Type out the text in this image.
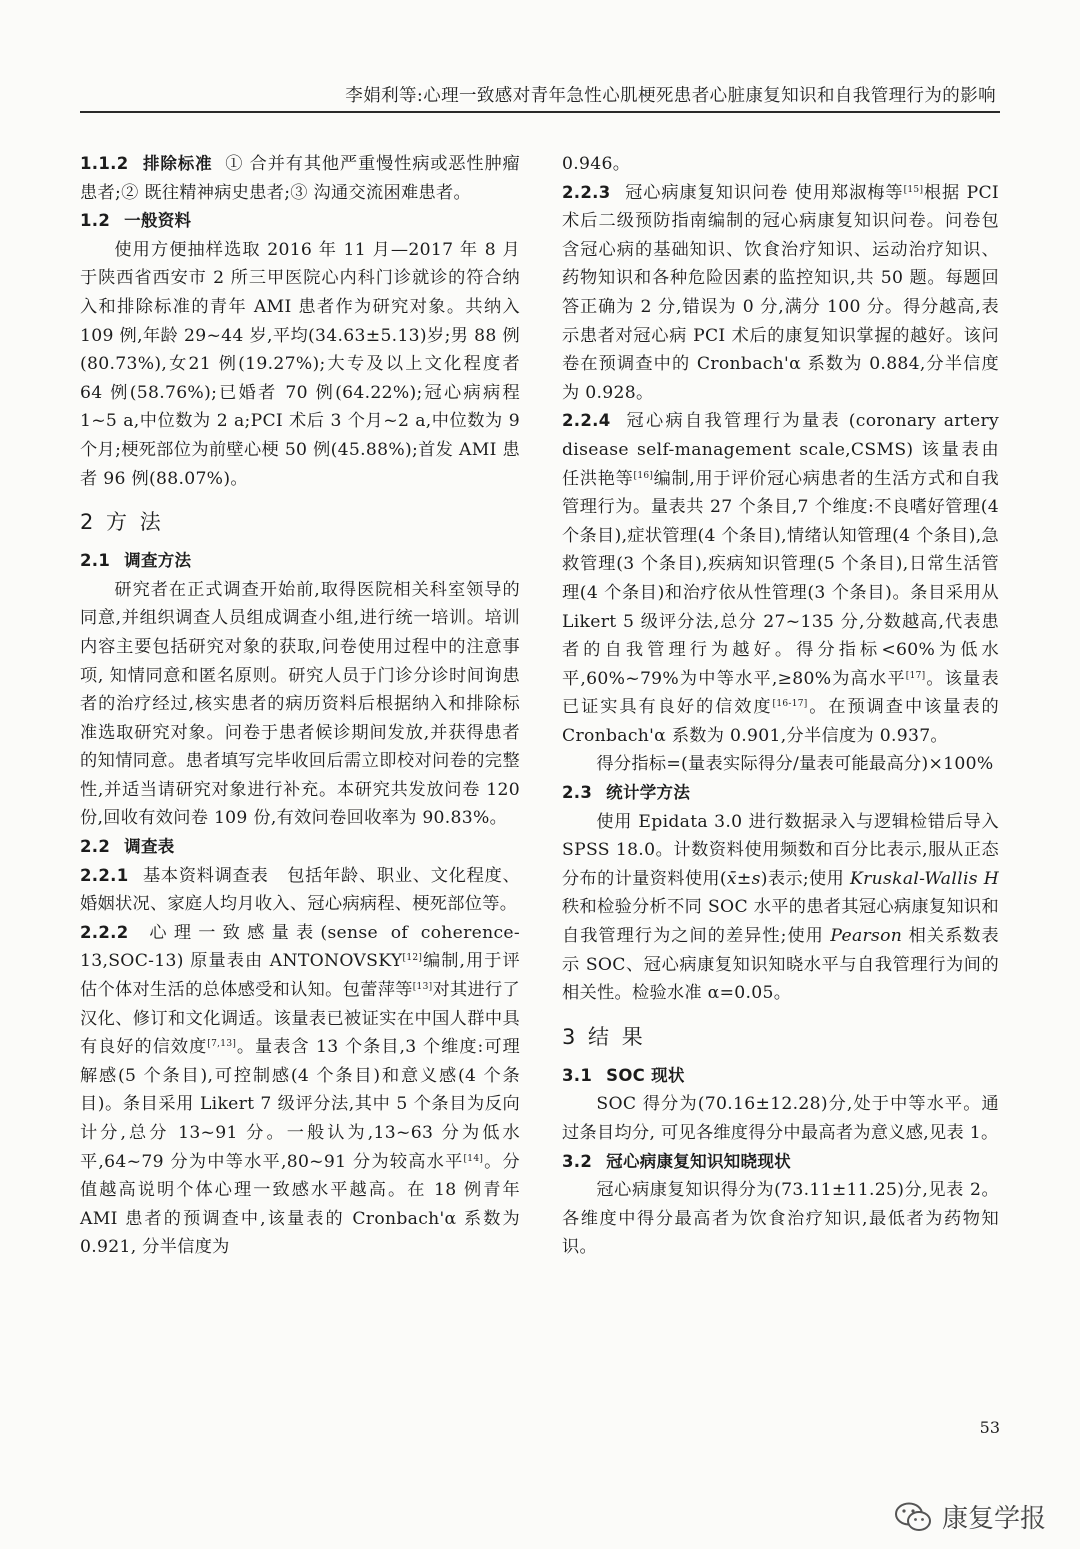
李娟利等:心理一致感对青年急性心肌梗死患者心脏康复知识和自我管理行为的影响

1.1.2 排除标准 ① 合并有其他严重慢性病或恶性肿瘤患者;② 既往精神病史患者;③ 沟通交流困难患者。

1.2 一般资料

使用方便抽样选取 2016 年 11 月—2017 年 8 月于陕西省西安市 2 所三甲医院心内科门诊就诊的符合纳入和排除标准的青年 AMI 患者作为研究对象。共纳入 109 例,年龄 29~44 岁,平均(34.63±5.13)岁;男 88 例(80.73%),女21 例(19.27%);大专及以上文化程度者 64 例(58.76%);已婚者 70 例(64.22%);冠心病病程 1~5 a,中位数为 2 a;PCI 术后 3 个月~2 a,中位数为 9 个月;梗死部位为前壁心梗 50 例(45.88%);首发 AMI 患者 96 例(88.07%)。

2 方 法

2.1 调查方法

研究者在正式调查开始前,取得医院相关科室领导的同意,并组织调查人员组成调查小组,进行统一培训。培训内容主要包括研究对象的获取,问卷使用过程中的注意事项, 知情同意和匿名原则。研究人员于门诊分诊时间询患者的治疗经过,核实患者的病历资料后根据纳入和排除标准选取研究对象。问卷于患者候诊期间发放,并获得患者的知情同意。患者填写完毕收回后需立即校对问卷的完整性,并适当请研究对象进行补充。本研究共发放问卷 120 份,回收有效问卷 109 份,有效问卷回收率为 90.83%。

2.2 调查表

2.2.1 基本资料调查表 包括年龄、职业、文化程度、婚姻状况、家庭人均月收入、冠心病病程、梗死部位等。

2.2.2 心理一致感量表(sense of coherence-13,SOC-13) 原量表由 ANTONOVSKY[12]编制,用于评估个体对生活的总体感受和认知。包蕾萍等[13]对其进行了汉化、修订和文化调适。该量表已被证实在中国人群中具有良好的信效度[7,13]。量表含 13 个条目,3 个维度:可理解感(5 个条目),可控制感(4 个条目)和意义感(4 个条目)。条目采用 Likert 7 级评分法,其中 5 个条目为反向计分,总分 13~91 分。一般认为,13~63 分为低水平,64~79 分为中等水平,80~91 分为较高水平[14]。分值越高说明个体心理一致感水平越高。在 18 例青年 AMI 患者的预调查中,该量表的 Cronbach'α 系数为 0.921, 分半信度为

0.946。

2.2.3 冠心病康复知识问卷 使用郑淑梅等[15]根据 PCI 术后二级预防指南编制的冠心病康复知识问卷。问卷包含冠心病的基础知识、饮食治疗知识、运动治疗知识、药物知识和各种危险因素的监控知识,共 50 题。每题回答正确为 2 分,错误为 0 分,满分 100 分。得分越高,表示患者对冠心病 PCI 术后的康复知识掌握的越好。该问卷在预调查中的 Cronbach'α 系数为 0.884,分半信度为 0.928。

2.2.4 冠心病自我管理行为量表 (coronary artery disease self-management scale,CSMS) 该量表由任洪艳等[16]编制,用于评价冠心病患者的生活方式和自我管理行为。量表共 27 个条目,7 个维度:不良嗜好管理(4 个条目),症状管理(4 个条目),情绪认知管理(4 个条目),急救管理(3 个条目),疾病知识管理(5 个条目),日常生活管理(4 个条目)和治疗依从性管理(3 个条目)。条目采用从 Likert 5 级评分法,总分 27~135 分,分数越高,代表患者的自我管理行为越好。得分指标<60%为低水平,60%~79%为中等水平,≥80%为高水平[17]。该量表已证实具有良好的信效度[16-17]。在预调查中该量表的 Cronbach'α 系数为 0.901,分半信度为 0.937。

得分指标=(量表实际得分/量表可能最高分)×100%

2.3 统计学方法

使用 Epidata 3.0 进行数据录入与逻辑检错后导入 SPSS 18.0。计数资料使用频数和百分比表示,服从正态分布的计量资料使用(x̄±s)表示;使用 Kruskal-Wallis H 秩和检验分析不同 SOC 水平的患者其冠心病康复知识和自我管理行为之间的差异性;使用 Pearson 相关系数表示 SOC、冠心病康复知识知晓水平与自我管理行为间的相关性。检验水准 α=0.05。

3 结 果

3.1 SOC 现状

SOC 得分为(70.16±12.28)分,处于中等水平。通过条目均分, 可见各维度得分中最高者为意义感,见表 1。

3.2 冠心病康复知识知晓现状

冠心病康复知识得分为(73.11±11.25)分,见表 2。各维度中得分最高者为饮食治疗知识,最低者为药物知识。

53
康复学报
